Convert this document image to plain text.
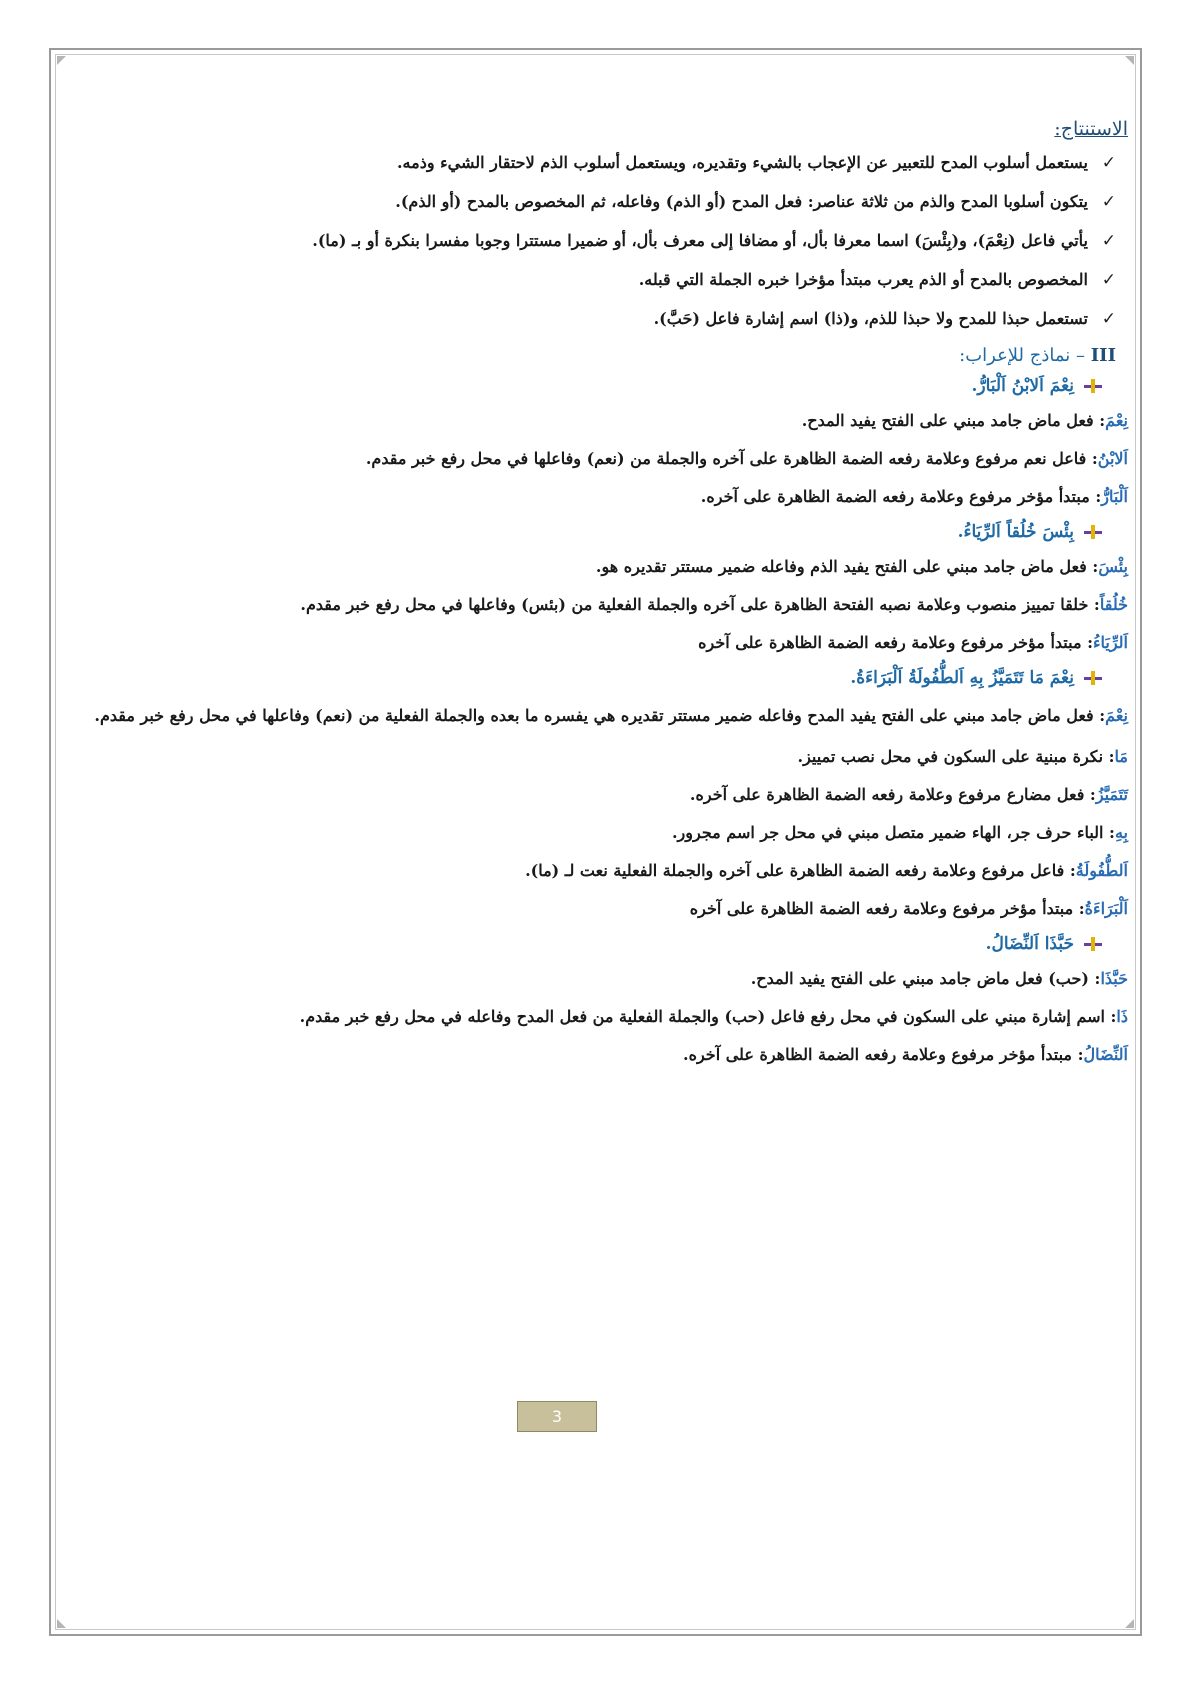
الاستنتاج:
✓
يستعمل أسلوب المدح للتعبير عن الإعجاب بالشيء وتقديره، ويستعمل أسلوب الذم لاحتقار الشيء وذمه.
✓
يتكون أسلوبا المدح والذم من ثلاثة عناصر: فعل المدح (أو الذم) وفاعله، ثم المخصوص بالمدح (أو الذم).
✓
يأتي فاعل (نِعْمَ)، و(بِئْسَ) اسما معرفا بأل، أو مضافا إلى معرف بأل، أو ضميرا مستترا وجوبا مفسرا بنكرة أو بـ (ما).
✓
المخصوص بالمدح أو الذم يعرب مبتدأ مؤخرا خبره الجملة التي قبله.
✓
تستعمل حبذا للمدح ولا حبذا للذم، و(ذا) اسم إشارة فاعل (حَبَّ).
III – نماذج للإعراب:
نِعْمَ اَلابْنُ اَلْبَارُّ.
نِعْمَ: فعل ماض جامد مبني على الفتح يفيد المدح.
اَلابْنُ: فاعل نعم مرفوع وعلامة رفعه الضمة الظاهرة على آخره والجملة من (نعم) وفاعلها في محل رفع خبر مقدم.
اَلْبَارُّ: مبتدأ مؤخر مرفوع وعلامة رفعه الضمة الظاهرة على آخره.
بِئْسَ خُلُقاً اَلرِّيَاءُ.
بِئْسَ: فعل ماض جامد مبني على الفتح يفيد الذم وفاعله ضمير مستتر تقديره هو.
خُلُقاً: خلقا تمييز منصوب وعلامة نصبه الفتحة الظاهرة على آخره والجملة الفعلية من (بئس) وفاعلها في محل رفع خبر مقدم.
اَلرِّيَاءُ: مبتدأ مؤخر مرفوع وعلامة رفعه الضمة الظاهرة على آخره
نِعْمَ مَا تَتَمَيَّزُ بِهِ اَلطُّفُولَةُ اَلْبَرَاءَةُ.
نِعْمَ: فعل ماض جامد مبني على الفتح يفيد المدح وفاعله ضمير مستتر تقديره هي يفسره ما بعده والجملة الفعلية من (نعم) وفاعلها في محل رفع خبر مقدم.
مَا: نكرة مبنية على السكون في محل نصب تمييز.
تَتَمَيَّزُ: فعل مضارع مرفوع وعلامة رفعه الضمة الظاهرة على آخره.
بِهِ: الباء حرف جر، الهاء ضمير متصل مبني في محل جر اسم مجرور.
اَلطُّفُولَةُ: فاعل مرفوع وعلامة رفعه الضمة الظاهرة على آخره والجملة الفعلية نعت لـ (ما).
اَلْبَرَاءَةُ: مبتدأ مؤخر مرفوع وعلامة رفعه الضمة الظاهرة على آخره
حَبَّذَا اَلنِّضَالُ.
حَبَّذَا: (حب) فعل ماض جامد مبني على الفتح يفيد المدح.
ذَا: اسم إشارة مبني على السكون في محل رفع فاعل (حب) والجملة الفعلية من فعل المدح وفاعله في محل رفع خبر مقدم.
اَلنِّضَالُ: مبتدأ مؤخر مرفوع وعلامة رفعه الضمة الظاهرة على آخره.
3
